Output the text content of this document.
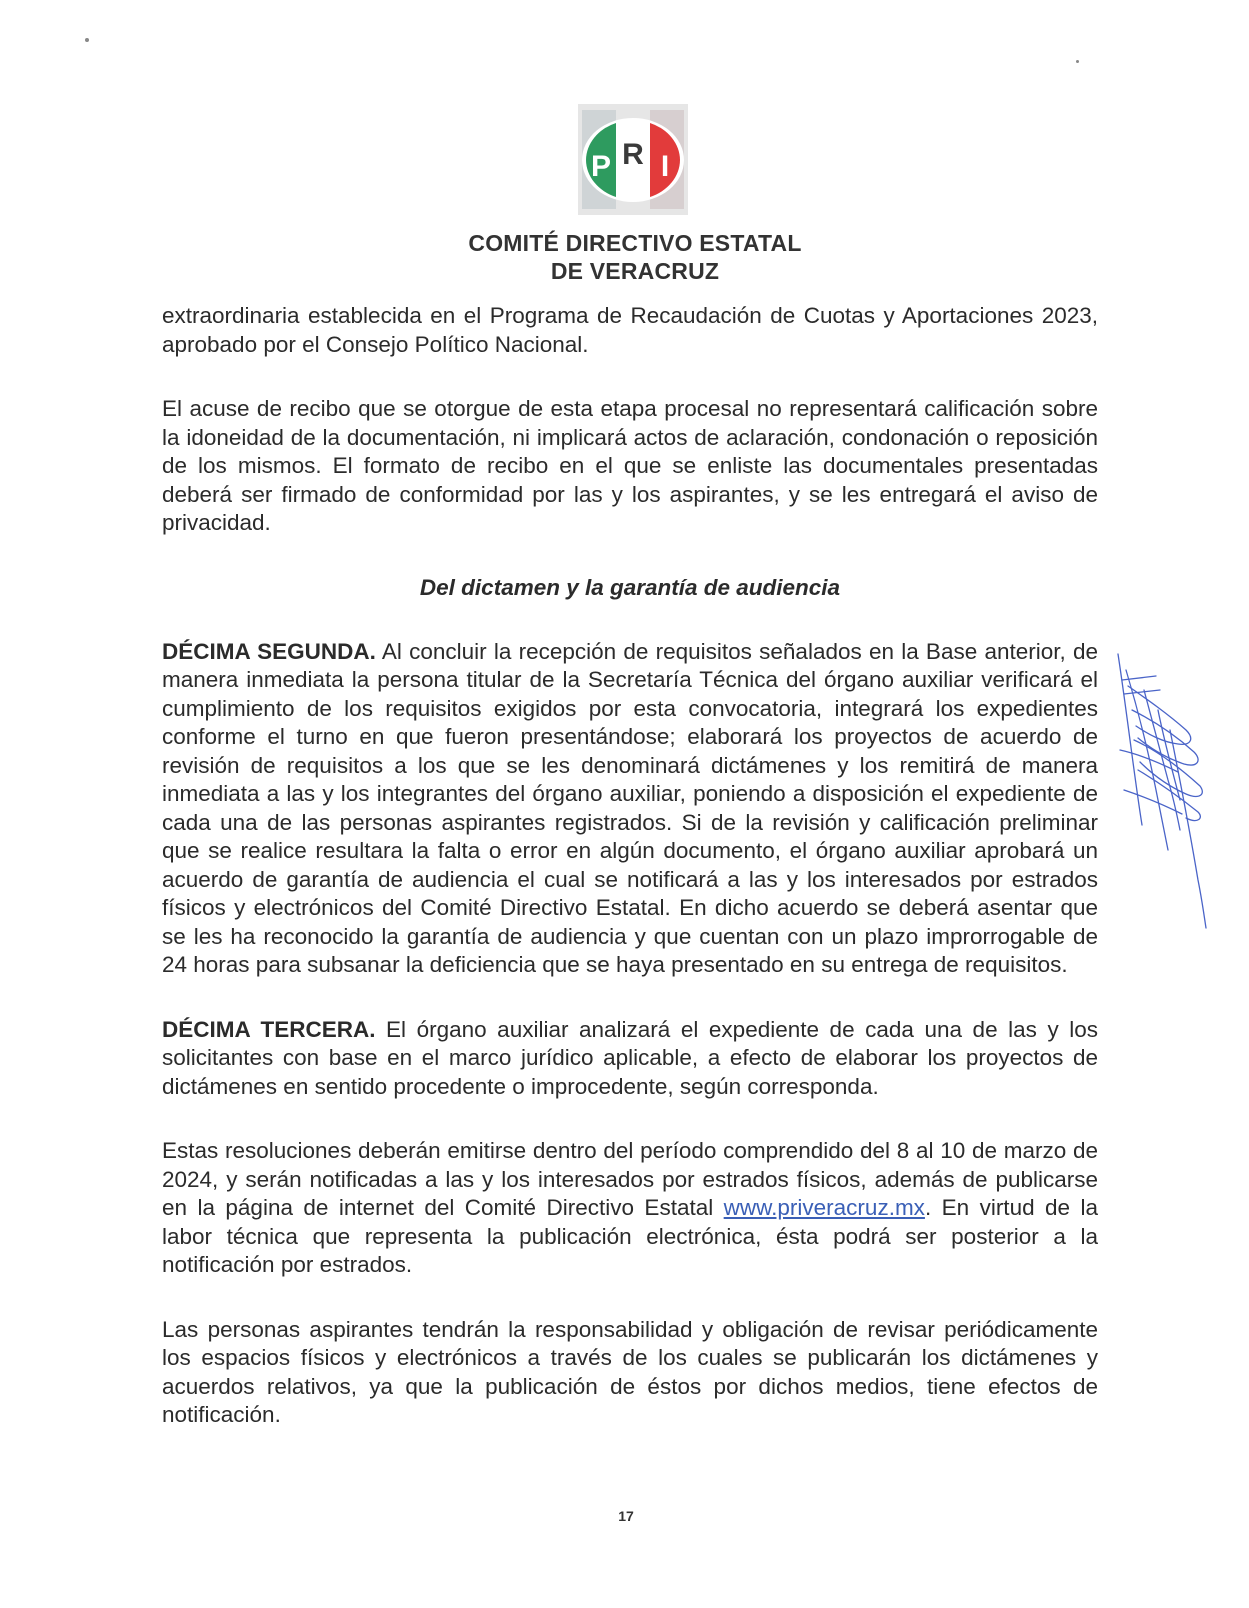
P R I
COMITÉ DIRECTIVO ESTATAL
DE VERACRUZ

extraordinaria establecida en el Programa de Recaudación de Cuotas y Aportaciones 2023, aprobado por el Consejo Político Nacional.

El acuse de recibo que se otorgue de esta etapa procesal no representará calificación sobre la idoneidad de la documentación, ni implicará actos de aclaración, condonación o reposición de los mismos. El formato de recibo en el que se enliste las documentales presentadas deberá ser firmado de conformidad por las y los aspirantes, y se les entregará el aviso de privacidad.

Del dictamen y la garantía de audiencia

DÉCIMA SEGUNDA. Al concluir la recepción de requisitos señalados en la Base anterior, de manera inmediata la persona titular de la Secretaría Técnica del órgano auxiliar verificará el cumplimiento de los requisitos exigidos por esta convocatoria, integrará los expedientes conforme el turno en que fueron presentándose; elaborará los proyectos de acuerdo de revisión de requisitos a los que se les denominará dictámenes y los remitirá de manera inmediata a las y los integrantes del órgano auxiliar, poniendo a disposición el expediente de cada una de las personas aspirantes registrados. Si de la revisión y calificación preliminar que se realice resultara la falta o error en algún documento, el órgano auxiliar aprobará un acuerdo de garantía de audiencia el cual se notificará a las y los interesados por estrados físicos y electrónicos del Comité Directivo Estatal. En dicho acuerdo se deberá asentar que se les ha reconocido la garantía de audiencia y que cuentan con un plazo improrrogable de 24 horas para subsanar la deficiencia que se haya presentado en su entrega de requisitos.

DÉCIMA TERCERA. El órgano auxiliar analizará el expediente de cada una de las y los solicitantes con base en el marco jurídico aplicable, a efecto de elaborar los proyectos de dictámenes en sentido procedente o improcedente, según corresponda.

Estas resoluciones deberán emitirse dentro del período comprendido del 8 al 10 de marzo de 2024, y serán notificadas a las y los interesados por estrados físicos, además de publicarse en la página de internet del Comité Directivo Estatal www.priveracruz.mx. En virtud de la labor técnica que representa la publicación electrónica, ésta podrá ser posterior a la notificación por estrados.

Las personas aspirantes tendrán la responsabilidad y obligación de revisar periódicamente los espacios físicos y electrónicos a través de los cuales se publicarán los dictámenes y acuerdos relativos, ya que la publicación de éstos por dichos medios, tiene efectos de notificación.

17
